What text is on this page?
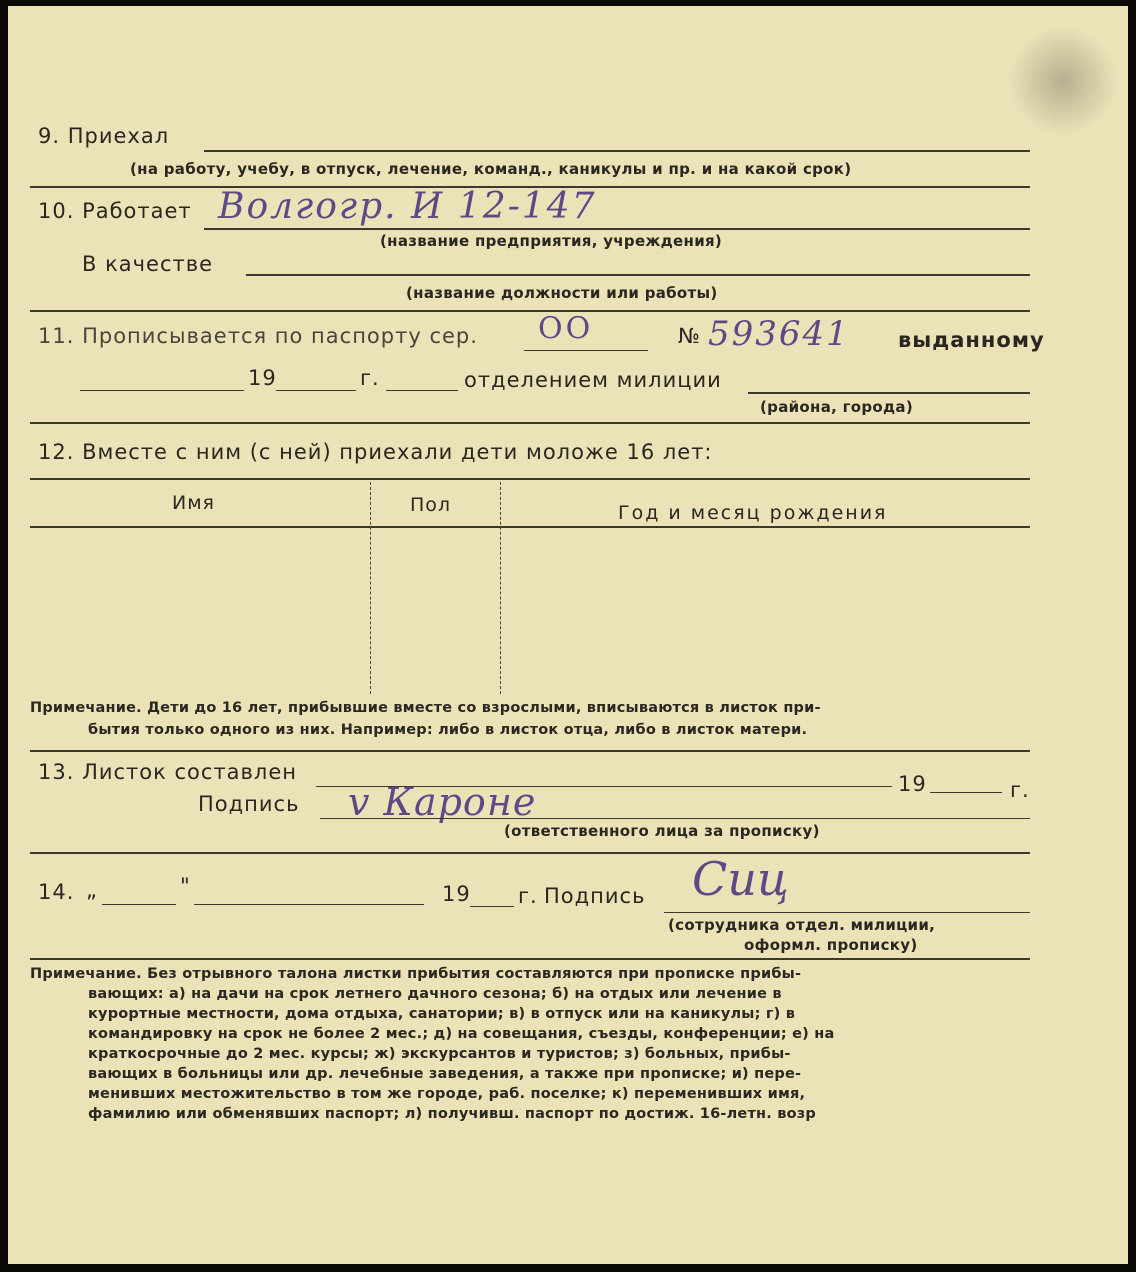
9. Приехал
(на работу, учебу, в отпуск, лечение, команд., каникулы и пр. и на какой срок)
10. Работает Волгогр. И 12-147
(название предприятия, учреждения)
В качестве
(название должности или работы)
11. Прописывается по паспорту сер. ОО	№ 593641 выданному
19	г.	отделением милиции
(района, города)
12. Вместе с ним (с ней) приехали дети моложе 16 лет:
Имя	Пол	Год и месяц рождения
Примечание. Дети до 16 лет, прибывшие вместе со взрослыми, вписываются в листок при-
бытия только одного из них. Например: либо в листок отца, либо в листок матери.
13. Листок составлен	19	г.
Подпись v Кароне
(ответственного лица за прописку)
14. „	"	19 г. Подпись Сиц
(сотрудника отдел. милиции,
оформл. прописку)
Примечание. Без отрывного талона листки прибытия составляются при прописке прибы-
вающих: а) на дачи на срок летнего дачного сезона; б) на отдых или лечение в
курортные местности, дома отдыха, санатории; в) в отпуск или на каникулы; г) в
командировку на срок не более 2 мес.; д) на совещания, съезды, конференции; е) на
краткосрочные до 2 мес. курсы; ж) экскурсантов и туристов; з) больных, прибы-
вающих в больницы или др. лечебные заведения, а также при прописке; и) пере-
менивших местожительство в том же городе, раб. поселке; к) переменивших имя,
фамилию или обменявших паспорт; л) получивш. паспорт по достиж. 16-летн. возр
